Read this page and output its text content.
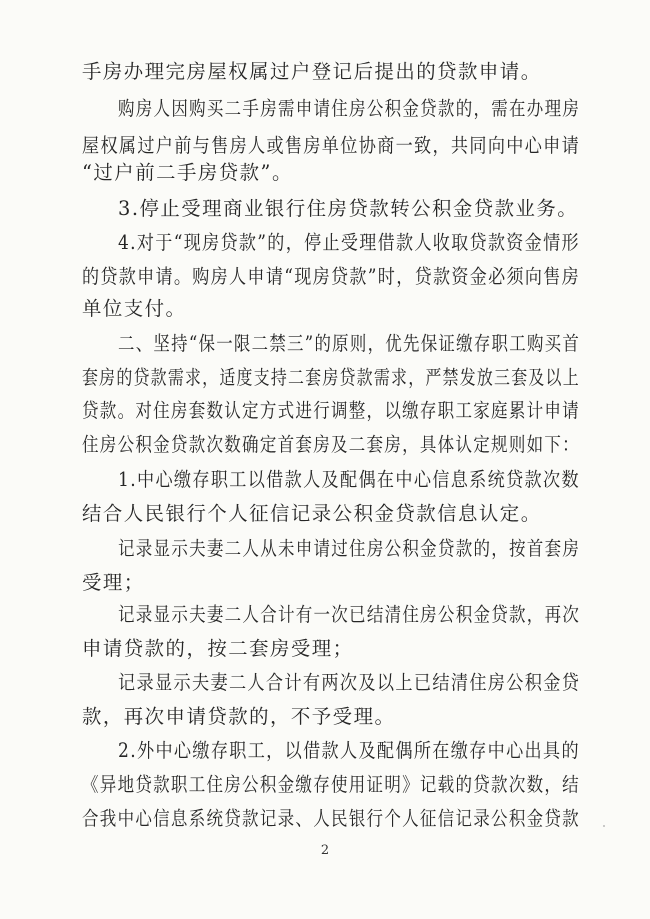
手房办理完房屋权属过户登记后提出的贷款申请。
购房人因购买二手房需申请住房公积金贷款的，需在办理房
屋权属过户前与售房人或售房单位协商一致，共同向中心申请
“过户前二手房贷款”。
3.停止受理商业银行住房贷款转公积金贷款业务。
4.对于“现房贷款”的，停止受理借款人收取贷款资金情形
的贷款申请。购房人申请“现房贷款”时，贷款资金必须向售房
单位支付。
二、坚持“保一限二禁三”的原则，优先保证缴存职工购买首
套房的贷款需求，适度支持二套房贷款需求，严禁发放三套及以上
贷款。对住房套数认定方式进行调整，以缴存职工家庭累计申请
住房公积金贷款次数确定首套房及二套房，具体认定规则如下：
1.中心缴存职工以借款人及配偶在中心信息系统贷款次数
结合人民银行个人征信记录公积金贷款信息认定。
记录显示夫妻二人从未申请过住房公积金贷款的，按首套房
受理；
记录显示夫妻二人合计有一次已结清住房公积金贷款，再次
申请贷款的，按二套房受理；
记录显示夫妻二人合计有两次及以上已结清住房公积金贷
款，再次申请贷款的，不予受理。
2.外中心缴存职工，以借款人及配偶所在缴存中心出具的
《异地贷款职工住房公积金缴存使用证明》记载的贷款次数，结
合我中心信息系统贷款记录、人民银行个人征信记录公积金贷款
2
